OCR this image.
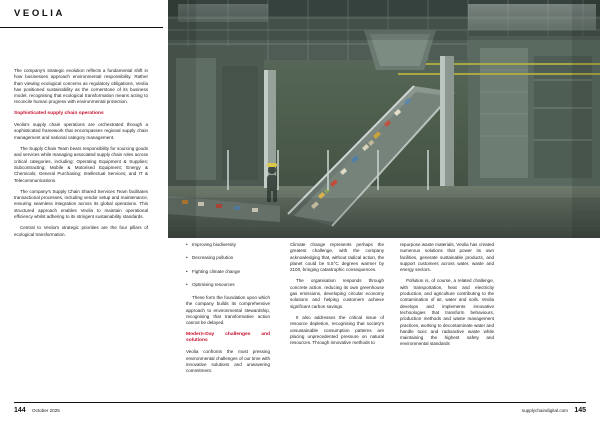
VEOLIA

The company's strategic evolution reflects a fundamental shift in how businesses approach environmental responsibility. Rather than viewing ecological concerns as regulatory obligations, Veolia has positioned sustainability as the cornerstone of its business model, recognising that ecological transformation means acting to reconcile human progress with environmental protection.

Sophisticated supply chain operations

Veolia's supply chain operations are orchestrated through a sophisticated framework that encompasses regional supply chain management and national category management.

The Supply Chain Team bears responsibility for sourcing goods and services while managing associated supply chain roles across critical categories, including: Operating Equipment & Supplies; Subcontracting; Mobile & Motorised Equipment; Energy & Chemicals; General Purchasing; Intellectual Services; and IT & Telecommunications.

The company's Supply Chain Shared Services Team facilitates transactional processes, including vendor setup and maintenance, ensuring seamless integration across its global operations. This structured approach enables Veolia to maintain operational efficiency whilst adhering to its stringent sustainability standards.

Central to Veolia's strategic priorities are the four pillars of ecological transformation.

• Improving biodiversity
• Decreasing pollution
• Fighting climate change
• Optimising resources

These form the foundation upon which the company builds its comprehensive approach to environmental stewardship, recognising that transformative action cannot be delayed.

Modern-Day challenges and solutions

Veolia confronts the most pressing environmental challenges of our time with innovative solutions and unwavering commitment.

Climate change represents perhaps the greatest challenge, with the company acknowledging that, without radical action, the planet could be 5.5°C degrees warmer by 2100, bringing catastrophic consequences.

The organisation responds through concrete action, reducing its own greenhouse gas emissions, developing circular economy solutions and helping customers achieve significant carbon savings.

It also addresses the critical issue of resource depletion, recognising that society's unsustainable consumption patterns are placing unprecedented pressure on natural resources. Through innovative methods to

repurpose waste materials, Veolia has created numerous solutions that power its own facilities, generate sustainable products, and support customers across water, waste and energy sectors.

Pollution is, of course, a related challenge, with transportation, heat and electricity production, and agriculture contributing to the contamination of air, water and soils. Veolia develops and implements innovative technologies that transform behaviours, production methods and waste management practices, working to decontaminate water and handle toxic and radioactive waste while maintaining the highest safety and environmental standards

144 October 2025	supplychaindigital.com 145
